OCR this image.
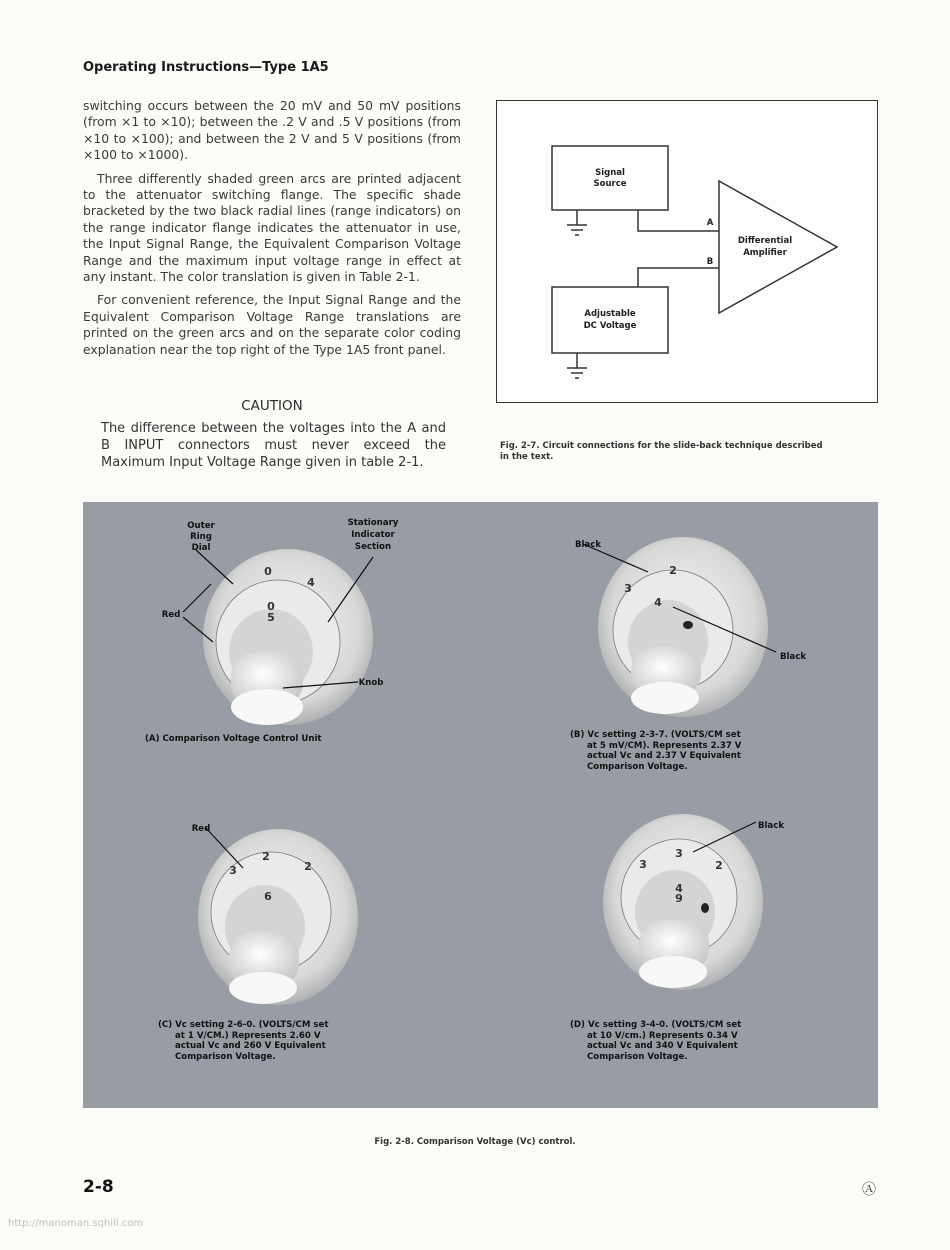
Operating Instructions—Type 1A5

switching occurs between the 20 mV and 50 mV positions (from ×1 to ×10); between the .2 V and .5 V positions (from ×10 to ×100); and between the 2 V and 5 V positions (from ×100 to ×1000).

Three differently shaded green arcs are printed adjacent to the attenuator switching flange. The specific shade bracketed by the two black radial lines (range indicators) on the range indicator flange indicates the attenuator in use, the Input Signal Range, the Equivalent Comparison Voltage Range and the maximum input voltage range in effect at any instant. The color translation is given in Table 2-1.

For convenient reference, the Input Signal Range and the Equivalent Comparison Voltage Range translations are printed on the green arcs and on the separate color coding explanation near the top right of the Type 1A5 front panel.

CAUTION
The difference between the voltages into the A and B INPUT connectors must never exceed the Maximum Input Voltage Range given in table 2-1.
Signal
Source
Adjustable
DC Voltage
Differential
Amplifier
A
B
Fig. 2-7. Circuit connections for the slide-back technique described
in the text.
0
4
0
5
2
4
3
2
2
3
6
3
3	2
4
9
Outer
Ring
Dial
Stationary
Indicator
Section
Red
Knob
Black
Black
Red	Black
(A) Comparison Voltage Control Unit	(B) Vc setting 2-3-7. (VOLTS/CM set
at 5 mV/CM). Represents 2.37 V
actual Vc and 2.37 V Equivalent
Comparison Voltage.
(C) Vc setting 2-6-0. (VOLTS/CM set
at 1 V/CM.) Represents 2.60 V
actual Vc and 260 V Equivalent
Comparison Voltage.
(D) Vc setting 3-4-0. (VOLTS/CM set
at 10 V/cm.) Represents 0.34 V
actual Vc and 340 V Equivalent
Comparison Voltage.
Fig. 2-8. Comparison Voltage (Vc) control.
2-8	Ⓐ
http://manoman.sqhill.com
